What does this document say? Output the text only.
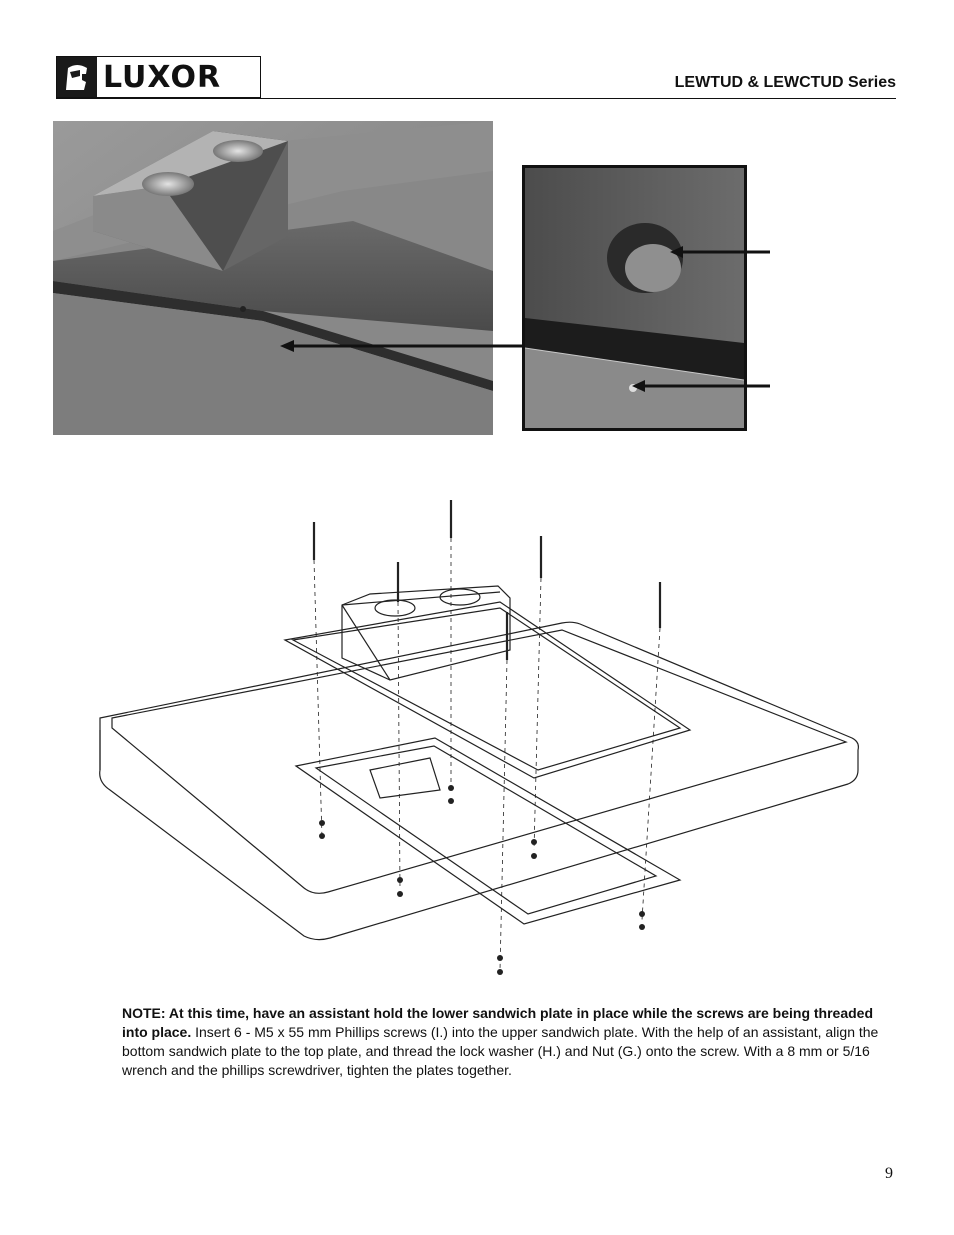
LUXOR	LEWTUD & LEWCTUD Series
NOTE: At this time, have an assistant hold the lower sandwich plate in place while the screws are being threaded into place. Insert 6 - M5 x 55 mm Phillips screws (I.) into the upper sandwich plate. With the help of an assistant, align the bottom sandwich plate to the top plate, and thread the lock washer (H.) and Nut (G.) onto the screw. With a 8 mm or 5/16 wrench and the phillips screwdriver, tighten the plates together.
9
